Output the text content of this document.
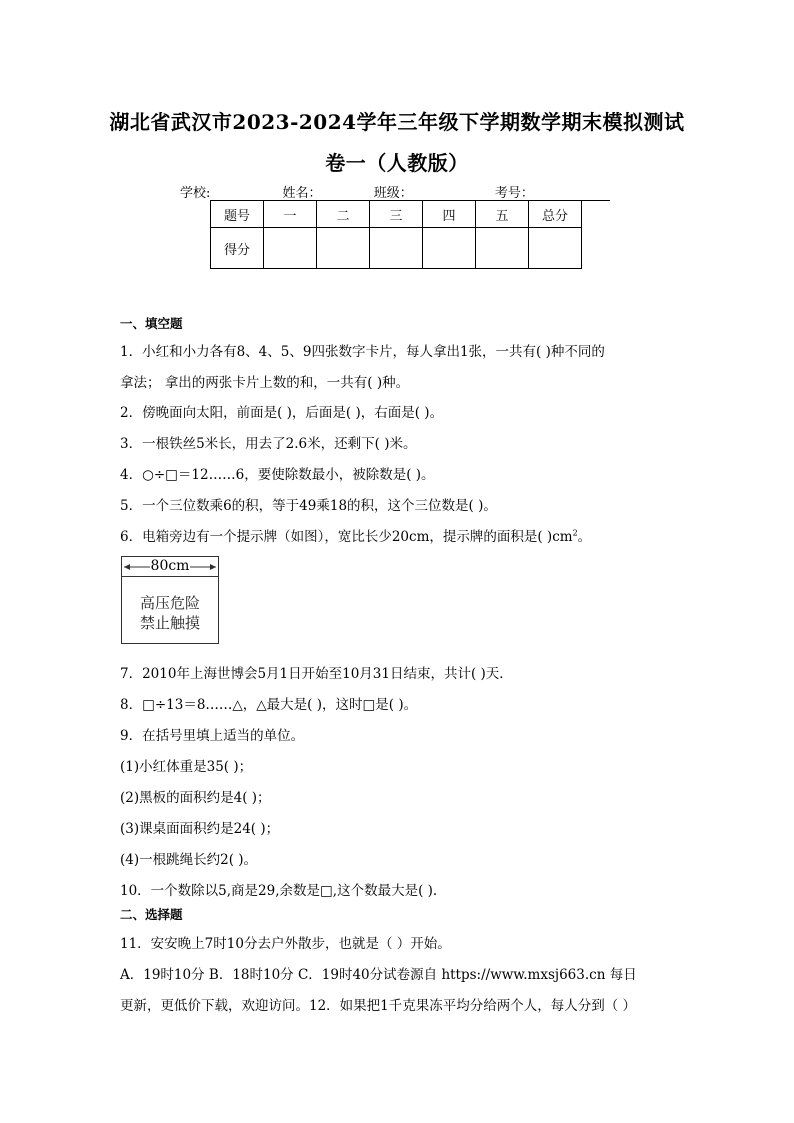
湖北省武汉市2023-2024学年三年级下学期数学期末模拟测试
卷一（人教版）
学校:	姓名：	班级：	考号：
题号	一	二	三	四	五	总分
得分						
一、填空题
1．小红和小力各有8、4、5、9四张数字卡片，每人拿出1张，一共有( )种不同的
拿法； 拿出的两张卡片上数的和，一共有( )种。
2．傍晚面向太阳，前面是( )，后面是( )，右面是( )。
3．一根铁丝5米长，用去了2.6米，还剩下( )米。
4．○÷□＝12……6，要使除数最小，被除数是( )。
5．一个三位数乘6的积，等于49乘18的积，这个三位数是( )。
6．电箱旁边有一个提示牌（如图），宽比长少20cm，提示牌的面积是( )$cm^2$。
80cm
高压危险
禁止触摸
7．2010年上海世博会5月1日开始至10月31日结束，共计( )天．
8．□÷13＝8……△，△最大是( )，这时□是( )。
9．在括号里填上适当的单位。
(1)小红体重是35( )；
(2)黑板的面积约是4( )；
(3)课桌面面积约是24( )；
(4)一根跳绳长约2( )。
10．一个数除以5,商是29,余数是□,这个数最大是( ).
二、选择题
11．安安晚上7时10分去户外散步，也就是（ ）开始。
A．19时10分 B．18时10分 C．19时40分试卷源自 https://www.mxsj663.cn 每日
更新，更低价下载，欢迎访问。12．如果把1千克果冻平均分给两个人，每人分到（ ）
